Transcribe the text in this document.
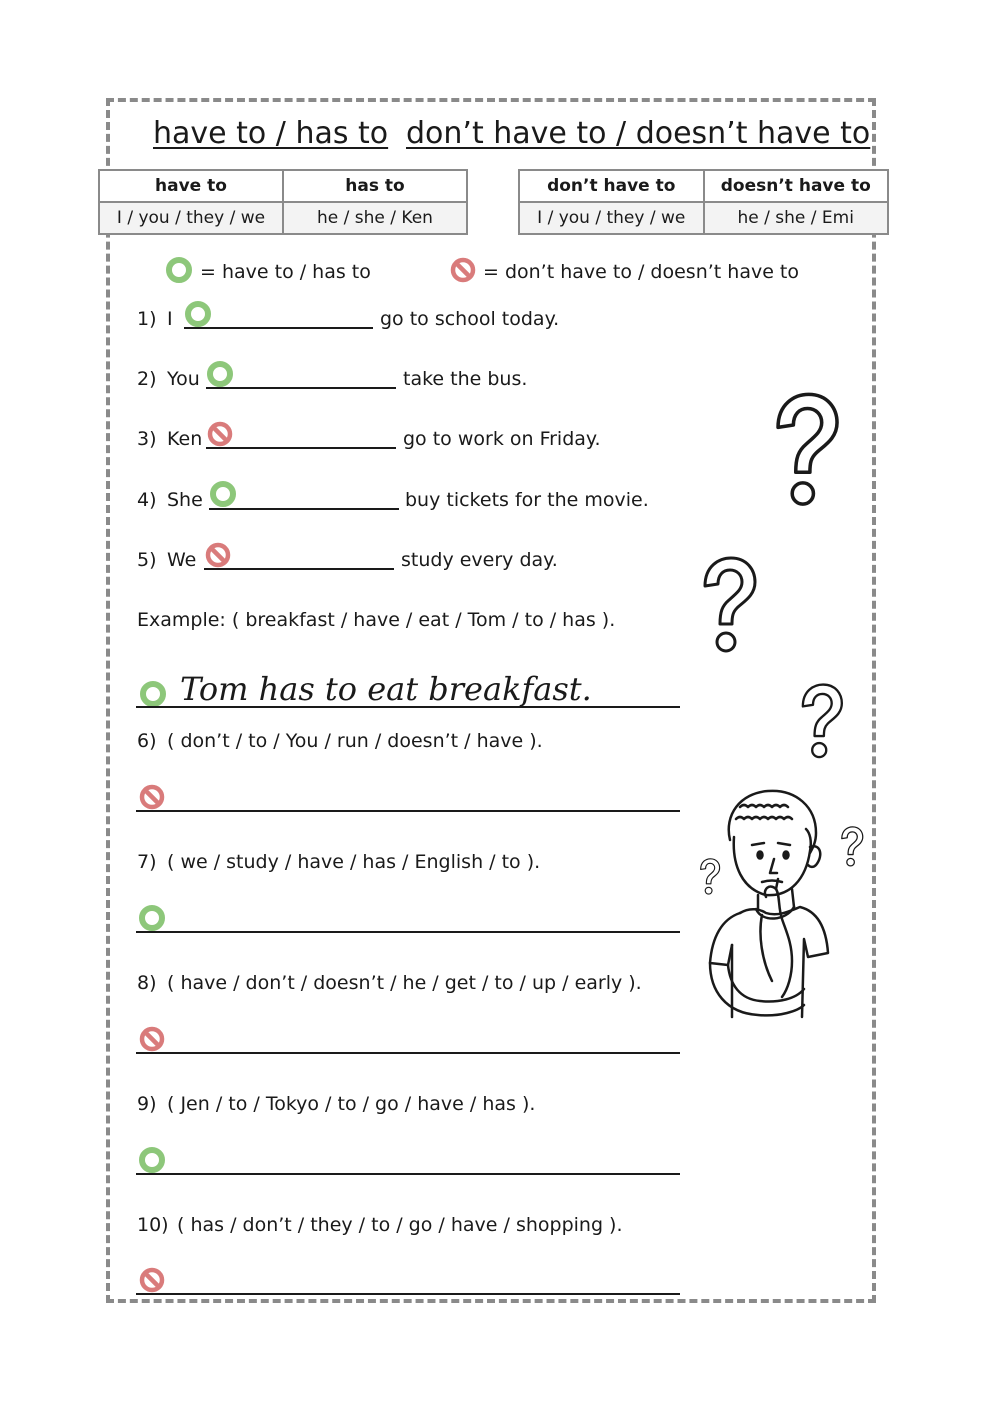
have to / has to don’t have to / doesn’t have to
have to	has to
I / you / they / we	he / she / Ken
don’t have to	doesn’t have to
I / you / they / we	he / she / Emi
= have to / has to	= don’t have to / doesn’t have to
1) I	go to school today.
2) You	take the bus.
3) Ken	go to work on Friday.
4) She	buy tickets for the movie.
5) We	study every day.
Example: ( breakfast / have / eat / Tom / to / has ).
Tom has to eat breakfast.
6) ( don’t / to / You / run / doesn’t / have ).
7) ( we / study / have / has / English / to ).
8) ( have / don’t / doesn’t / he / get / to / up / early ).
9) ( Jen / to / Tokyo / to / go / have / has ).
10) ( has / don’t / they / to / go / have / shopping ).
